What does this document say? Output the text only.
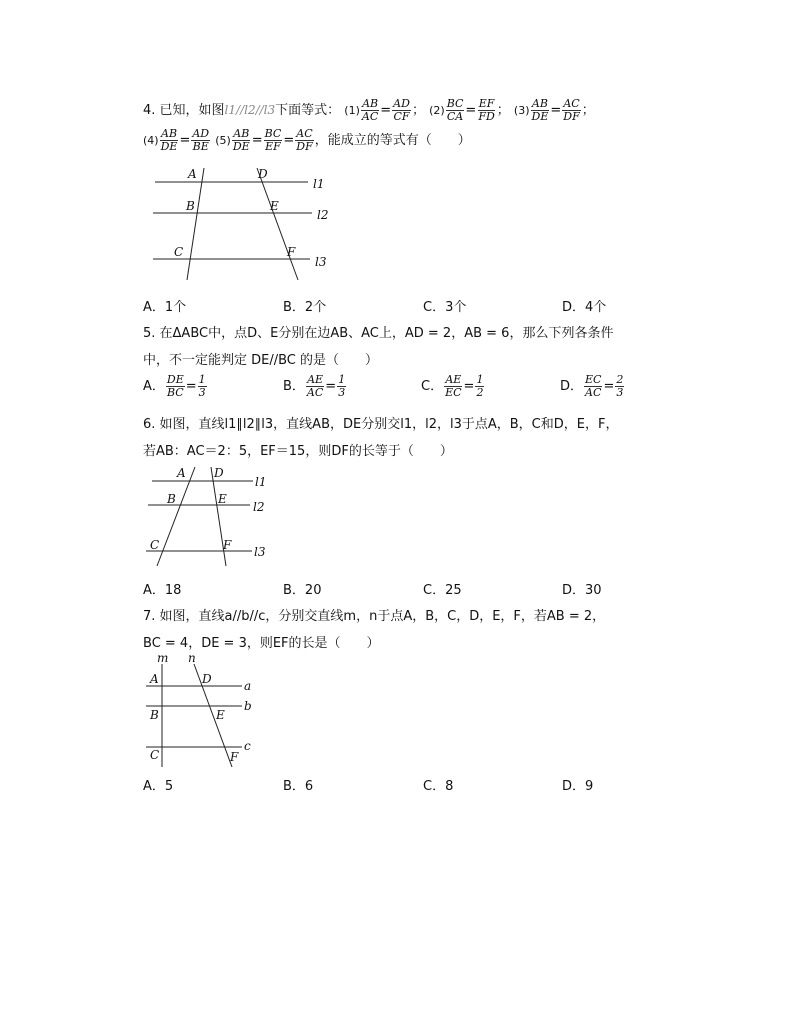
4. 已知，如图l1//l2//l3下面等式： $(1) \frac{AB}{AC} = \frac{AD}{CF}$ ； $(2) \frac{BC}{CA} = \frac{EF}{FD}$ ； $(3) \frac{AB}{DE} = \frac{AC}{DF}$ ；
$(4) \frac{AB}{DE} = \frac{AD}{BE} (5) \frac{AB}{DE} = \frac{BC}{EF} = \frac{AC}{DF}$ ，能成立的等式有（　　）
A	D
B	E
C	F
l1
l2
l3
A．1个	B．2个	C．3个	D．4个
5. 在ΔABC中，点D、E分别在边AB、AC上，AD = 2，AB = 6，那么下列各条件
中，不一定能判定 DE//BC 的是（　　）
A． $\frac{DE}{BC} = \frac{1}{3}$	B． $\frac{AE}{AC} = \frac{1}{3}$	C． $\frac{AE}{EC} = \frac{1}{2}$	D． $\frac{EC}{AC} = \frac{2}{3}$
6. 如图，直线l1∥l2∥l3，直线AB，DE分别交l1，l2，l3于点A，B，C和D，E，F，
若AB：AC＝2：5，EF＝15，则DF的长等于（　　）
A D
B	E
C	F
l1
l2
l3
A．18	B．20	C．25	D．30
7. 如图，直线a//b//c，分别交直线m，n于点A，B，C，D，E，F，若AB = 2，
BC = 4，DE = 3，则EF的长是（　　）
m n
A	D
B	E
C	F
a
b
c
A．5	B．6	C．8	D．9
